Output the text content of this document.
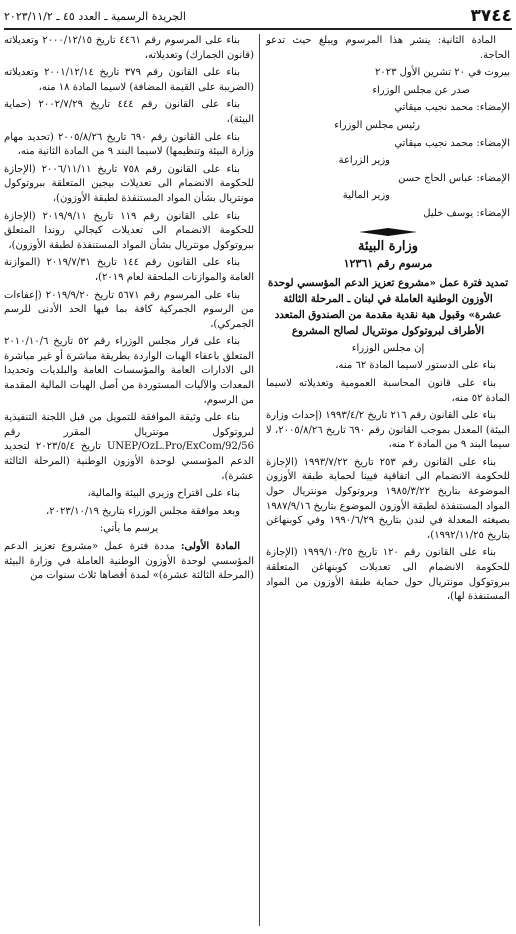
٣٧٤٤
الجريدة الرسمية ـ العدد ٤٥ ـ ٢٠٢٣/١١/٢

المادة الثانية: ينشر هذا المرسوم ويبلغ حيث تدعو الحاجة.

بيروت في ٢٠ تشرين الأول ٢٠٢٣

صدر عن مجلس الوزراء

الإمضاء: محمد نجيب ميقاتي

رئيس مجلس الوزراء

الإمضاء: محمد نجيب ميقاتي

وزير الزراعة

الإمضاء: عباس الحاج حسن

وزير المالية

الإمضاء: يوسف خليل

وزارة البيئة

مرسوم رقم ١٢٣٦١

تمديد فترة عمل «مشروع تعزيز الدعم المؤسسي لوحدة الأوزون الوطنية العاملة في لبنان ـ المرحلة الثالثة عشرة» وقبول هبة نقدية مقدمة من الصندوق المتعدد الأطراف لبروتوكول مونتريال لصالح المشروع

إن مجلس الوزراء

بناء على الدستور لاسيما المادة ٦٢ منه،

بناء على قانون المحاسبة العمومية وتعديلاته لاسيما المادة ٥٢ منه،

بناء على القانون رقم ٢١٦ تاريخ ١٩٩٣/٤/٢ (إحداث وزارة البيئة) المعدل بموجب القانون رقم ٦٩٠ تاريخ ٢٠٠٥/٨/٢٦، لا سيما البند ٩ من المادة ٢ منه،

بناء على القانون رقم ٢٥٣ تاريخ ١٩٩٣/٧/٢٢ (الإجازة للحكومة الانضمام الى اتفاقية فيينا لحماية طبقة الأوزون الموضوعة بتاريخ ١٩٨٥/٣/٢٢ وبروتوكول مونتريال حول المواد المستنفذة لطبقة الأوزون الموضوع بتاريخ ١٩٨٧/٩/١٦ بصيغته المعدلة في لندن بتاريخ ١٩٩٠/٦/٢٩ وفي كوبنهاغن بتاريخ ١٩٩٢/١١/٢٥)،

بناء على القانون رقم ١٢٠ تاريخ ١٩٩٩/١٠/٢٥ (الإجازة للحكومة الانضمام الى تعديلات كوبنهاغن المتعلقة ببروتوكول مونتريال حول حماية طبقة الأوزون من المواد المستنفذة لها)،

بناء على المرسوم رقم ٤٤٦١ تاريخ ٢٠٠٠/١٢/١٥ وتعديلاته (قانون الجمارك) وتعديلاته،

بناء على القانون رقم ٣٧٩ تاريخ ٢٠٠١/١٢/١٤ وتعديلاته (الضريبة على القيمة المضافة) لاسيما المادة ١٨ منه،

بناء على القانون رقم ٤٤٤ تاريخ ٢٠٠٢/٧/٢٩ (حماية البيئة)،

بناء على القانون رقم ٦٩٠ تاريخ ٢٠٠٥/٨/٢٦ (تحديد مهام وزارة البيئة وتنظيمها) لاسيما البند ٩ من المادة الثانية منه،

بناء على القانون رقم ٧٥٨ تاريخ ٢٠٠٦/١١/١١ (الإجازة للحكومة الانضمام الى تعديلات بيجين المتعلقة ببروتوكول مونتريال بشأن المواد المستنفذة لطبقة الأوزون)،

بناء على القانون رقم ١١٩ تاريخ ٢٠١٩/٩/١١ (الإجازة للحكومة الانضمام الى تعديلات كيجالي روندا المتعلق ببروتوكول مونتريال بشأن المواد المستنفذة لطبقة الأوزون)،

بناء على القانون رقم ١٤٤ تاريخ ٢٠١٩/٧/٣١ (الموازنة العامة والموازنات الملحقة لعام ٢٠١٩)،

بناء على المرسوم رقم ٥٦٧١ تاريخ ٢٠١٩/٩/٢٠ (إعفاءات من الرسوم الجمركية كافة بما فيها الحد الأدنى للرسم الجمركي)،

بناء على قرار مجلس الوزراء رقم ٥٢ تاريخ ٢٠١٠/١٠/٦ المتعلق باعفاء الهبات الواردة بطريقة مباشرة أو غير مباشرة الى الادارات العامة والمؤسسات العامة والبلديات وتحديدا المعدات والآليات المستوردة من أصل الهبات المالية المقدمة من الرسوم،

بناء على وثيقة الموافقة للتمويل من قبل اللجنة التنفيذية لبروتوكول مونتريال المقرر رقم UNEP/OzL.Pro/ExCom/92/56 تاريخ ٢٠٢٣/٥/٤ لتجديد الدعم المؤسسي لوحدة الأوزون الوطنية (المرحلة الثالثة عشرة)،

بناء على اقتراح وزيري البيئة والمالية،

وبعد موافقة مجلس الوزراء بتاريخ ٢٠٢٣/١٠/١٩،

يرسم ما يأتي:

المادة الأولى: مددة فترة عمل «مشروع تعزيز الدعم المؤسسي لوحدة الأوزون الوطنية العاملة في وزارة البيئة (المرحلة الثالثة عشرة)» لمدة أقصاها ثلاث سنوات من
